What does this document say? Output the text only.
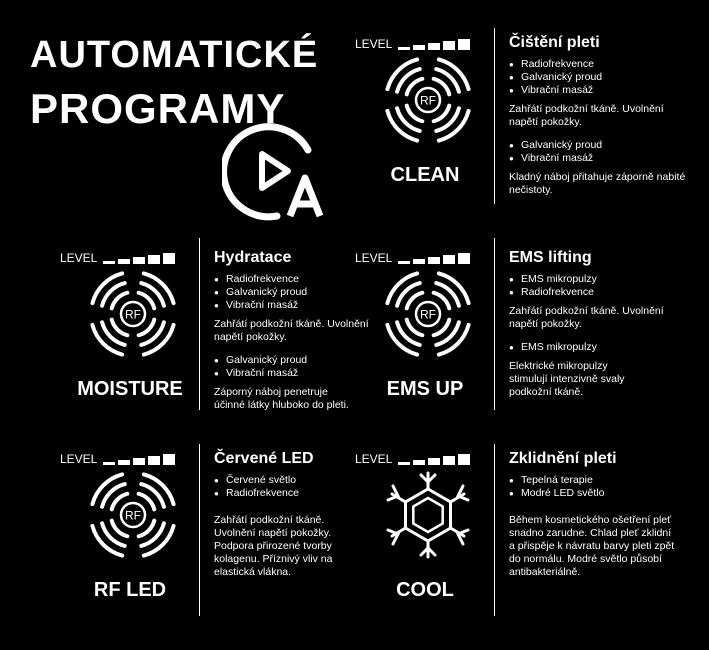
AUTOMATICKÉ
PROGRAMY
LEVEL
RF
CLEAN
LEVEL
RF
MOISTURE
LEVEL
RF
EMS UP
LEVEL
RF
RF LED
LEVEL
COOL
Čištění pleti
● Radiofrekvence
● Galvanický proud
● Vibrační masáž

Zahřátí podkožní tkáně. Uvolnění napětí pokožky.

● Galvanický proud
● Vibrační masáž

Kladný náboj přitahuje záporně nabité nečistoty.

Hydratace
● Radiofrekvence
● Galvanický proud
● Vibrační masáž

Zahřátí podkožní tkáně. Uvolnění napětí pokožky.

● Galvanický proud
● Vibrační masáž

Záporný náboj penetruje účinné látky hluboko do pleti.

EMS lifting
● EMS mikropulzy
● Radiofrekvence

Zahřátí podkožní tkáně. Uvolnění napětí pokožky.

● EMS mikropulzy

Elektrické mikropulzy stimulují intenzivně svaly podkožní tkáně.

Červené LED
● Červené světlo
● Radiofrekvence

Zahřátí podkožní tkáně. Uvolnění napětí pokožky. Podpora přirozené tvorby kolagenu. Příznivý vliv na elastická vlákna.

Zklidnění pleti
● Tepelná terapie
● Modré LED světlo

Během kosmetického ošetření pleť snadno zarudne. Chlad pleť zklidní a přispěje k návratu barvy pleti zpět do normálu. Modré světlo působí antibakteriálně.
